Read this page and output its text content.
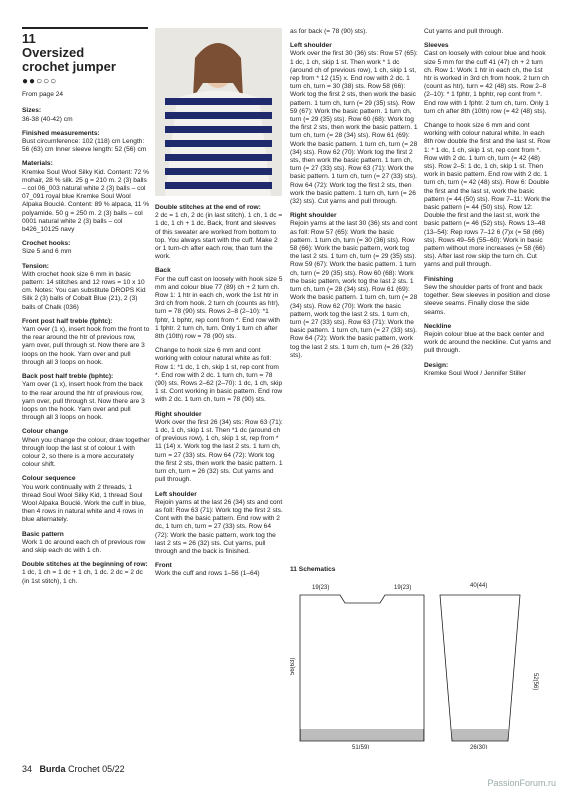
11
Oversized
crochet jumper
●●○○○
From page 24

Sizes:
36-38 (40-42) cm

Finished measurements:
Bust circumference: 102 (118) cm Length: 56 (63) cm Inner sleeve length: 52 (56) cm

Materials:
Kremke Soul Wool Silky Kid. Content: 72 % mohair, 28 % silk. 25 g = 210 m. 2 (3) balls – col 06_003 natural white 2 (3) balls – col 07_091 royal blue Kremke Soul Wool Alpaka Bouclé. Content: 89 % alpaca, 11 % polyamide. 50 g = 250 m. 2 (3) balls – col 0001 natural white 2 (3) balls – col b426_10125 navy

Crochet hooks:
Size 5 and 6 mm

Tension:
With crochet hook size 6 mm in basic pattern: 14 stitches and 12 rows = 10 x 10 cm. Notes: You can substitute DROPS Kid Silk 2 (3) balls of Cobalt Blue (21), 2 (3) balls of Chalk (036)

Front post half treble (fphtc):
Yarn over (1 x), insert hook from the front to the rear around the htr of previous row, yarn over, pull through st. Now there are 3 loops on the hook. Yarn over and pull through all 3 loops on hook.

Back post half treble (bphtc):
Yarn over (1 x), insert hook from the back to the rear around the htr of previous row, yarn over, pull through st. Now there are 3 loops on the hook. Yarn over and pull through all 3 loops on hook.

Colour change
When you change the colour, draw together through loop the last st of colour 1 with colour 2, so there is a more accurately colour shift.

Colour sequence
You work continually with 2 threads, 1 thread Soul Wool Silky Kid, 1 thread Soul Wool Alpaka Bouclé. Work the cuff in blue, then 4 rows in natural white and 4 rows in blue alternately.

Basic pattern
Work 1 dc around each ch of previous row and skip each dc with 1 ch.

Double stitches at the beginning of row:
1 dc, 1 ch = 1 dc + 1 ch, 1 dc. 2 dc = 2 dc (in 1st stitch), 1 ch.

Double stitches at the end of row:
2 dc = 1 ch, 2 dc (in last stitch). 1 ch, 1 dc = 1 dc, 1 ch + 1 dc. Back, front and sleeves of this sweater are worked from bottom to top. You always start with the cuff. Make 2 or 1 turn-ch after each row, than turn the work.

Back
For the cuff cast on loosely with hook size 5 mm and colour blue 77 (89) ch + 2 turn ch. Row 1: 1 htr in each ch, work the 1st htr in 3rd ch from hook. 2 turn ch (counts as htr), turn = 78 (90) sts. Rows 2–8 (2–10): *1 fphtr, 1 bphtr, rep cont from *. End row with 1 fphtr. 2 turn ch, turn. Only 1 turn ch after 8th (10th) row = 78 (90) sts.

Change to hook size 6 mm and cont working with colour natural white as foll: Row 1: *1 dc, 1 ch, skip 1 st, rep cont from *. End row with 2 dc. 1 turn ch, turn = 78 (90) sts. Rows 2–62 (2–70): 1 dc, 1 ch, skip 1 st. Cont working in basic pattern. End row with 2 dc. 1 turn ch, turn = 78 (90) sts.

Right shoulder
Work over the first 26 (34) sts: Row 63 (71): 1 dc, 1 ch, skip 1 st. Then *1 dc (around ch of previous row), 1 ch, skip 1 st, rep from * 11 (14) x. Work tog the last 2 sts. 1 turn ch, turn = 27 (33) sts. Row 64 (72): Work tog the first 2 sts, then work the basic pattern. 1 turn ch, turn = 26 (32) sts. Cut yarns and pull through.

Left shoulder
Rejoin yarns at the last 26 (34) sts and cont as foll: Row 63 (71): Work tog the first 2 sts. Cont with the basic pattern. End row with 2 dc, 1 turn ch, turn = 27 (33) sts. Row 64 (72): Work the basic pattern, work tog the last 2 sts = 26 (32) sts. Cut yarns, pull through and the back is finished.

Front
Work the cuff and rows 1–56 (1–64)

as for back (= 78 (90) sts).

Left shoulder
Work over the first 30 (36) sts: Row 57 (65): 1 dc, 1 ch, skip 1 st. Then work * 1 dc (around ch of previous row), 1 ch, skip 1 st, rep from * 12 (15) x. End row with 2 dc. 1 turn ch, turn = 30 (38) sts. Row 58 (66): Work tog the first 2 sts, then work the basic pattern. 1 turn ch, turn (= 29 (35) sts). Row 59 (67): Work the basic pattern. 1 turn ch, turn (= 29 (35) sts). Row 60 (68): Work tog the first 2 sts, then work the basic pattern. 1 turn ch, turn (= 28 (34) sts). Row 61 (69): Work the basic pattern. 1 turn ch, turn (= 28 (34) sts). Row 62 (70): Work tog the first 2 sts, then work the basic pattern. 1 turn ch, turn (= 27 (33) sts). Row 63 (71): Work the basic pattern. 1 turn ch, turn (= 27 (33) sts). Row 64 (72): Work tog the first 2 sts, then work the basic pattern. 1 turn ch, turn (= 26 (32) sts). Cut yarns and pull through.

Right shoulder
Rejoin yarns at the last 30 (36) sts and cont as foll: Row 57 (65): Work the basic pattern. 1 turn ch, turn (= 30 (36) sts). Row 58 (66): Work the basic pattern, work tog the last 2 sts. 1 turn ch, turn (= 29 (35) sts). Row 59 (67): Work the basic pattern. 1 turn ch, turn (= 29 (35) sts). Row 60 (68): Work the basic pattern, work tog the last 2 sts. 1 turn ch, turn (= 28 (34) sts). Row 61 (69): Work the basic pattern. 1 turn ch, turn (= 28 (34) sts). Row 62 (70): Work the basic pattern, work tog the last 2 sts. 1 turn ch, turn (= 27 (33) sts). Row 63 (71): Work the basic pattern. 1 turn ch, turn (= 27 (33) sts). Row 64 (72): Work the basic pattern, work tog the last 2 sts. 1 turn ch, turn (= 26 (32) sts).

Cut yarns and pull through.

Sleeves
Cast on loosely with colour blue and hook size 5 mm for the cuff 41 (47) ch + 2 turn ch. Row 1: Work 1 htr in each ch, the 1st htr is worked in 3rd ch from hook. 2 turn ch (count as htr), turn = 42 (48) sts. Row 2–8 (2–10): * 1 fphtr, 1 bphtr, rep cont from *. End row with 1 fphtr. 2 turn ch, turn. Only 1 turn ch after 8th (10th) row (= 42 (48) sts).

Change to hook size 6 mm and cont working with colour natural white. In each 8th row double the first and the last st. Row 1: * 1 dc, 1 ch, skip 1 st, rep cont from *. Row with 2 dc. 1 turn ch, turn (= 42 (48) sts). Row 2–5: 1 dc, 1 ch, skip 1 st. Then work in basic pattern. End row with 2 dc. 1 turn ch, turn (= 42 (48) sts). Row 6: Double the first and the last st, work the basic pattern (= 44 (50) sts). Row 7–11: Work the basic pattern (= 44 (50) sts). Row 12: Double the first and the last st, work the basic pattern (= 46 (52) sts). Rows 13–48 (13–54): Rep rows 7–12 6 (7)x (= 58 (66) sts). Rows 49–56 (55–60): Work in basic pattern without more increases (= 58 (66) sts). After last row skip the turn ch. Cut yarns and pull through.

Finishing
Sew the shoulder parts of front and back together. Sew sleeves in position and close sleeve seams. Finally close the side seams.

Neckline
Rejoin colour blue at the back center and work dc around the neckline. Cut yarns and pull through.

Design:
Kremke Soul Wool / Jennifer Stiller

11 Schematics
19(23)	19(23)
56(63)
51(59)
40(44)
52(56)
26(30)
34 Burda Crochet 05/22
PassionForum.ru
